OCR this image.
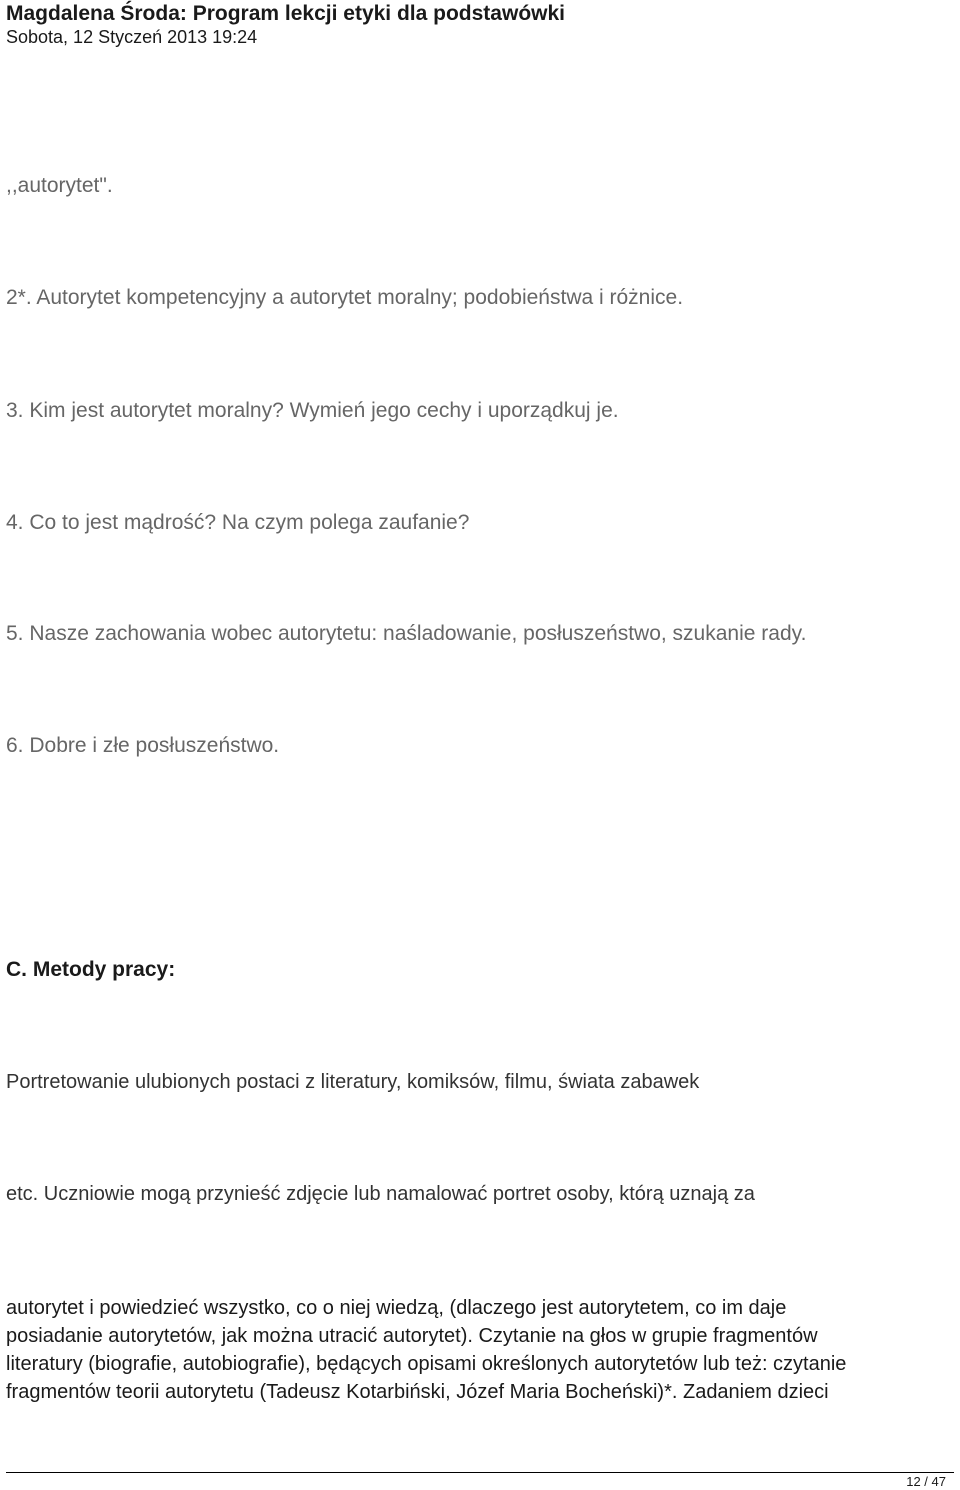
Magdalena Środa: Program lekcji etyki dla podstawówki
Sobota, 12 Styczeń 2013 19:24

,,autorytet".

2*. Autorytet kompetencyjny a autorytet moralny; podobieństwa i różnice.

3. Kim jest autorytet moralny? Wymień jego cechy i uporządkuj je.

4. Co to jest mądrość? Na czym polega zaufanie?

5. Nasze zachowania wobec autorytetu: naśladowanie, posłuszeństwo, szukanie rady.

6. Dobre i złe posłuszeństwo.

C. Metody pracy:

Portretowanie ulubionych postaci z literatury, komiksów, filmu, świata zabawek

etc. Uczniowie mogą przynieść zdjęcie lub namalować portret osoby, którą uznają za

autorytet i powiedzieć wszystko, co o niej wiedzą, (dlaczego jest autorytetem, co im daje
posiadanie autorytetów, jak można utracić autorytet). Czytanie na głos w grupie fragmentów
literatury (biografie, autobiografie), będących opisami określonych autorytetów lub też: czytanie
fragmentów teorii autorytetu (Tadeusz Kotarbiński, Józef Maria Bocheński)*. Zadaniem dzieci

12 / 47
